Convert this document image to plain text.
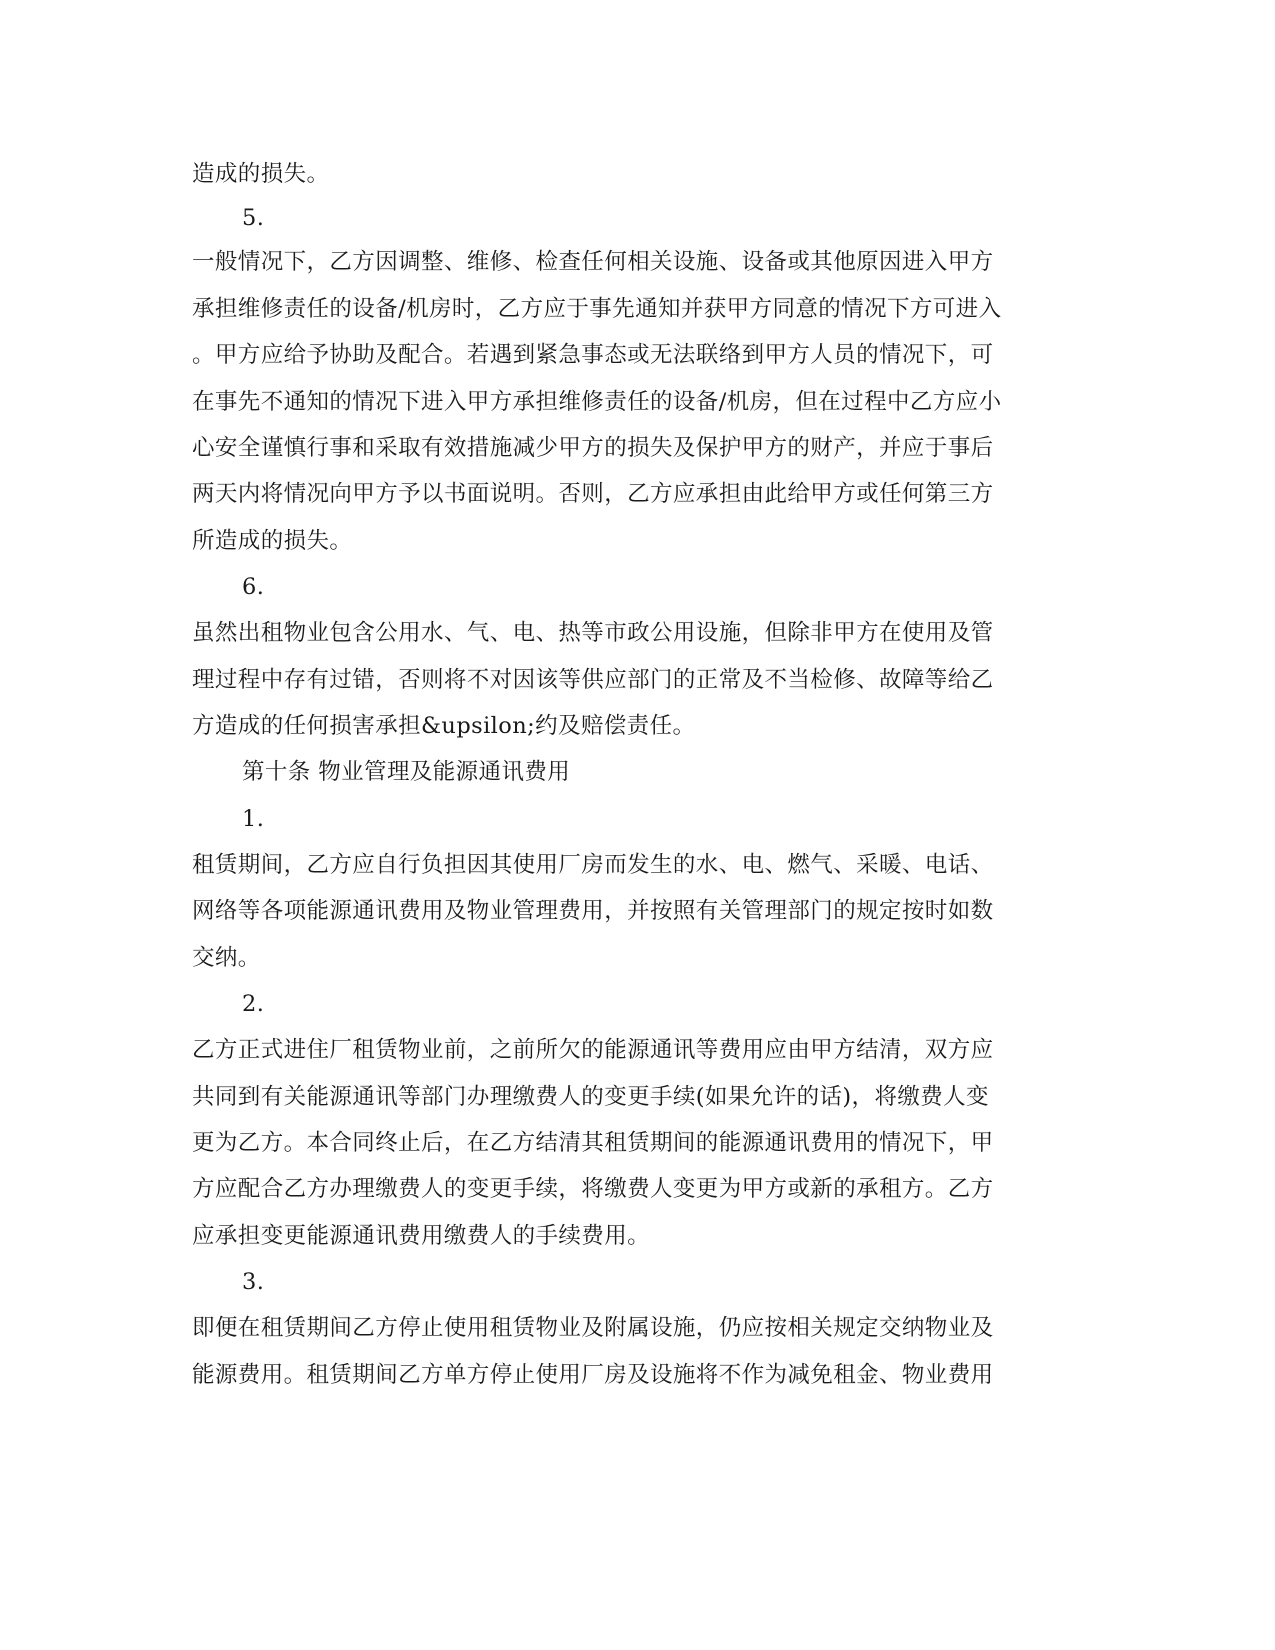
造成的损失。
5.
一般情况下，乙方因调整、维修、检查任何相关设施、设备或其他原因进入甲方
承担维修责任的设备/机房时，乙方应于事先通知并获甲方同意的情况下方可进入
。甲方应给予协助及配合。若遇到紧急事态或无法联络到甲方人员的情况下，可
在事先不通知的情况下进入甲方承担维修责任的设备/机房，但在过程中乙方应小
心安全谨慎行事和采取有效措施减少甲方的损失及保护甲方的财产，并应于事后
两天内将情况向甲方予以书面说明。否则，乙方应承担由此给甲方或任何第三方
所造成的损失。
6.
虽然出租物业包含公用水、气、电、热等市政公用设施，但除非甲方在使用及管
理过程中存有过错，否则将不对因该等供应部门的正常及不当检修、故障等给乙
方造成的任何损害承担&upsilon;约及赔偿责任。
第十条 物业管理及能源通讯费用
1.
租赁期间，乙方应自行负担因其使用厂房而发生的水、电、燃气、采暖、电话、
网络等各项能源通讯费用及物业管理费用，并按照有关管理部门的规定按时如数
交纳。
2.
乙方正式进住厂租赁物业前，之前所欠的能源通讯等费用应由甲方结清，双方应
共同到有关能源通讯等部门办理缴费人的变更手续(如果允许的话)，将缴费人变
更为乙方。本合同终止后，在乙方结清其租赁期间的能源通讯费用的情况下，甲
方应配合乙方办理缴费人的变更手续，将缴费人变更为甲方或新的承租方。乙方
应承担变更能源通讯费用缴费人的手续费用。
3.
即便在租赁期间乙方停止使用租赁物业及附属设施，仍应按相关规定交纳物业及
能源费用。租赁期间乙方单方停止使用厂房及设施将不作为减免租金、物业费用
